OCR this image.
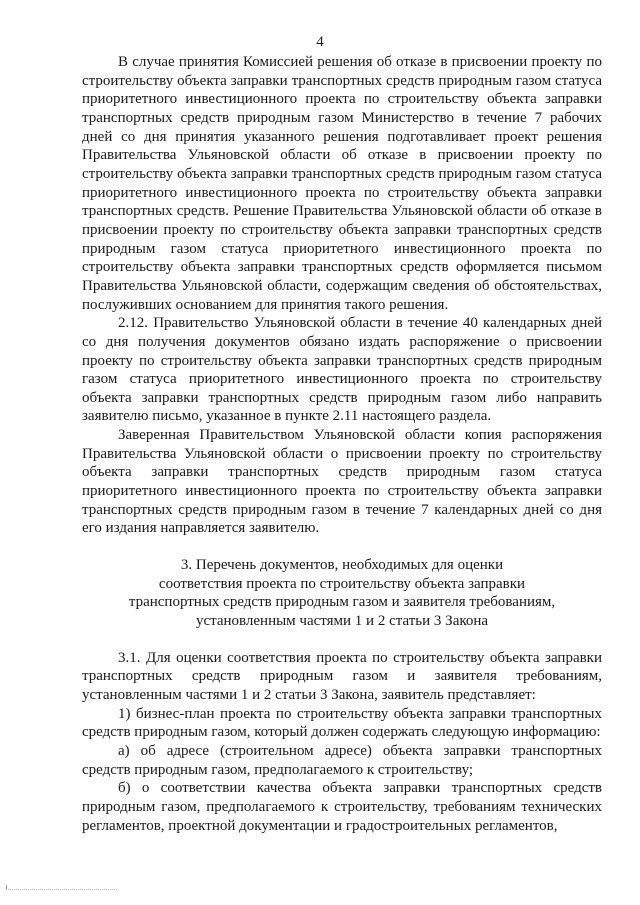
4

В случае принятия Комиссией решения об отказе в присвоении проекту по строительству объекта заправки транспортных средств природным газом статуса приоритетного инвестиционного проекта по строительству объекта заправки транспортных средств природным газом Министерство в течение 7 рабочих дней со дня принятия указанного решения подготавливает проект решения Правительства Ульяновской области об отказе в присвоении проекту по строительству объекта заправки транспортных средств природным газом статуса приоритетного инвестиционного проекта по строительству объекта заправки транспортных средств. Решение Правительства Ульяновской области об отказе в присвоении проекту по строительству объекта заправки транспортных средств природным газом статуса приоритетного инвестиционного проекта по строительству объекта заправки транспортных средств оформляется письмом Правительства Ульяновской области, содержащим сведения об обстоятельствах, послуживших основанием для принятия такого решения.

2.12. Правительство Ульяновской области в течение 40 календарных дней со дня получения документов обязано издать распоряжение о присвоении проекту по строительству объекта заправки транспортных средств природным газом статуса приоритетного инвестиционного проекта по строительству объекта заправки транспортных средств природным газом либо направить заявителю письмо, указанное в пункте 2.11 настоящего раздела.

Заверенная Правительством Ульяновской области копия распоряжения Правительства Ульяновской области о присвоении проекту по строительству объекта заправки транспортных средств природным газом статуса приоритетного инвестиционного проекта по строительству объекта заправки транспортных средств природным газом в течение 7 календарных дней со дня его издания направляется заявителю.

3. Перечень документов, необходимых для оценки
соответствия проекта по строительству объекта заправки
транспортных средств природным газом и заявителя требованиям,
установленным частями 1 и 2 статьи 3 Закона

3.1. Для оценки соответствия проекта по строительству объекта заправки транспортных средств природным газом и заявителя требованиям, установленным частями 1 и 2 статьи 3 Закона, заявитель представляет:

1) бизнес-план проекта по строительству объекта заправки транспортных средств природным газом, который должен содержать следующую информацию:

а) об адресе (строительном адресе) объекта заправки транспортных средств природным газом, предполагаемого к строительству;

б) о соответствии качества объекта заправки транспортных средств природным газом, предполагаемого к строительству, требованиям технических регламентов, проектной документации и градостроительных регламентов,
